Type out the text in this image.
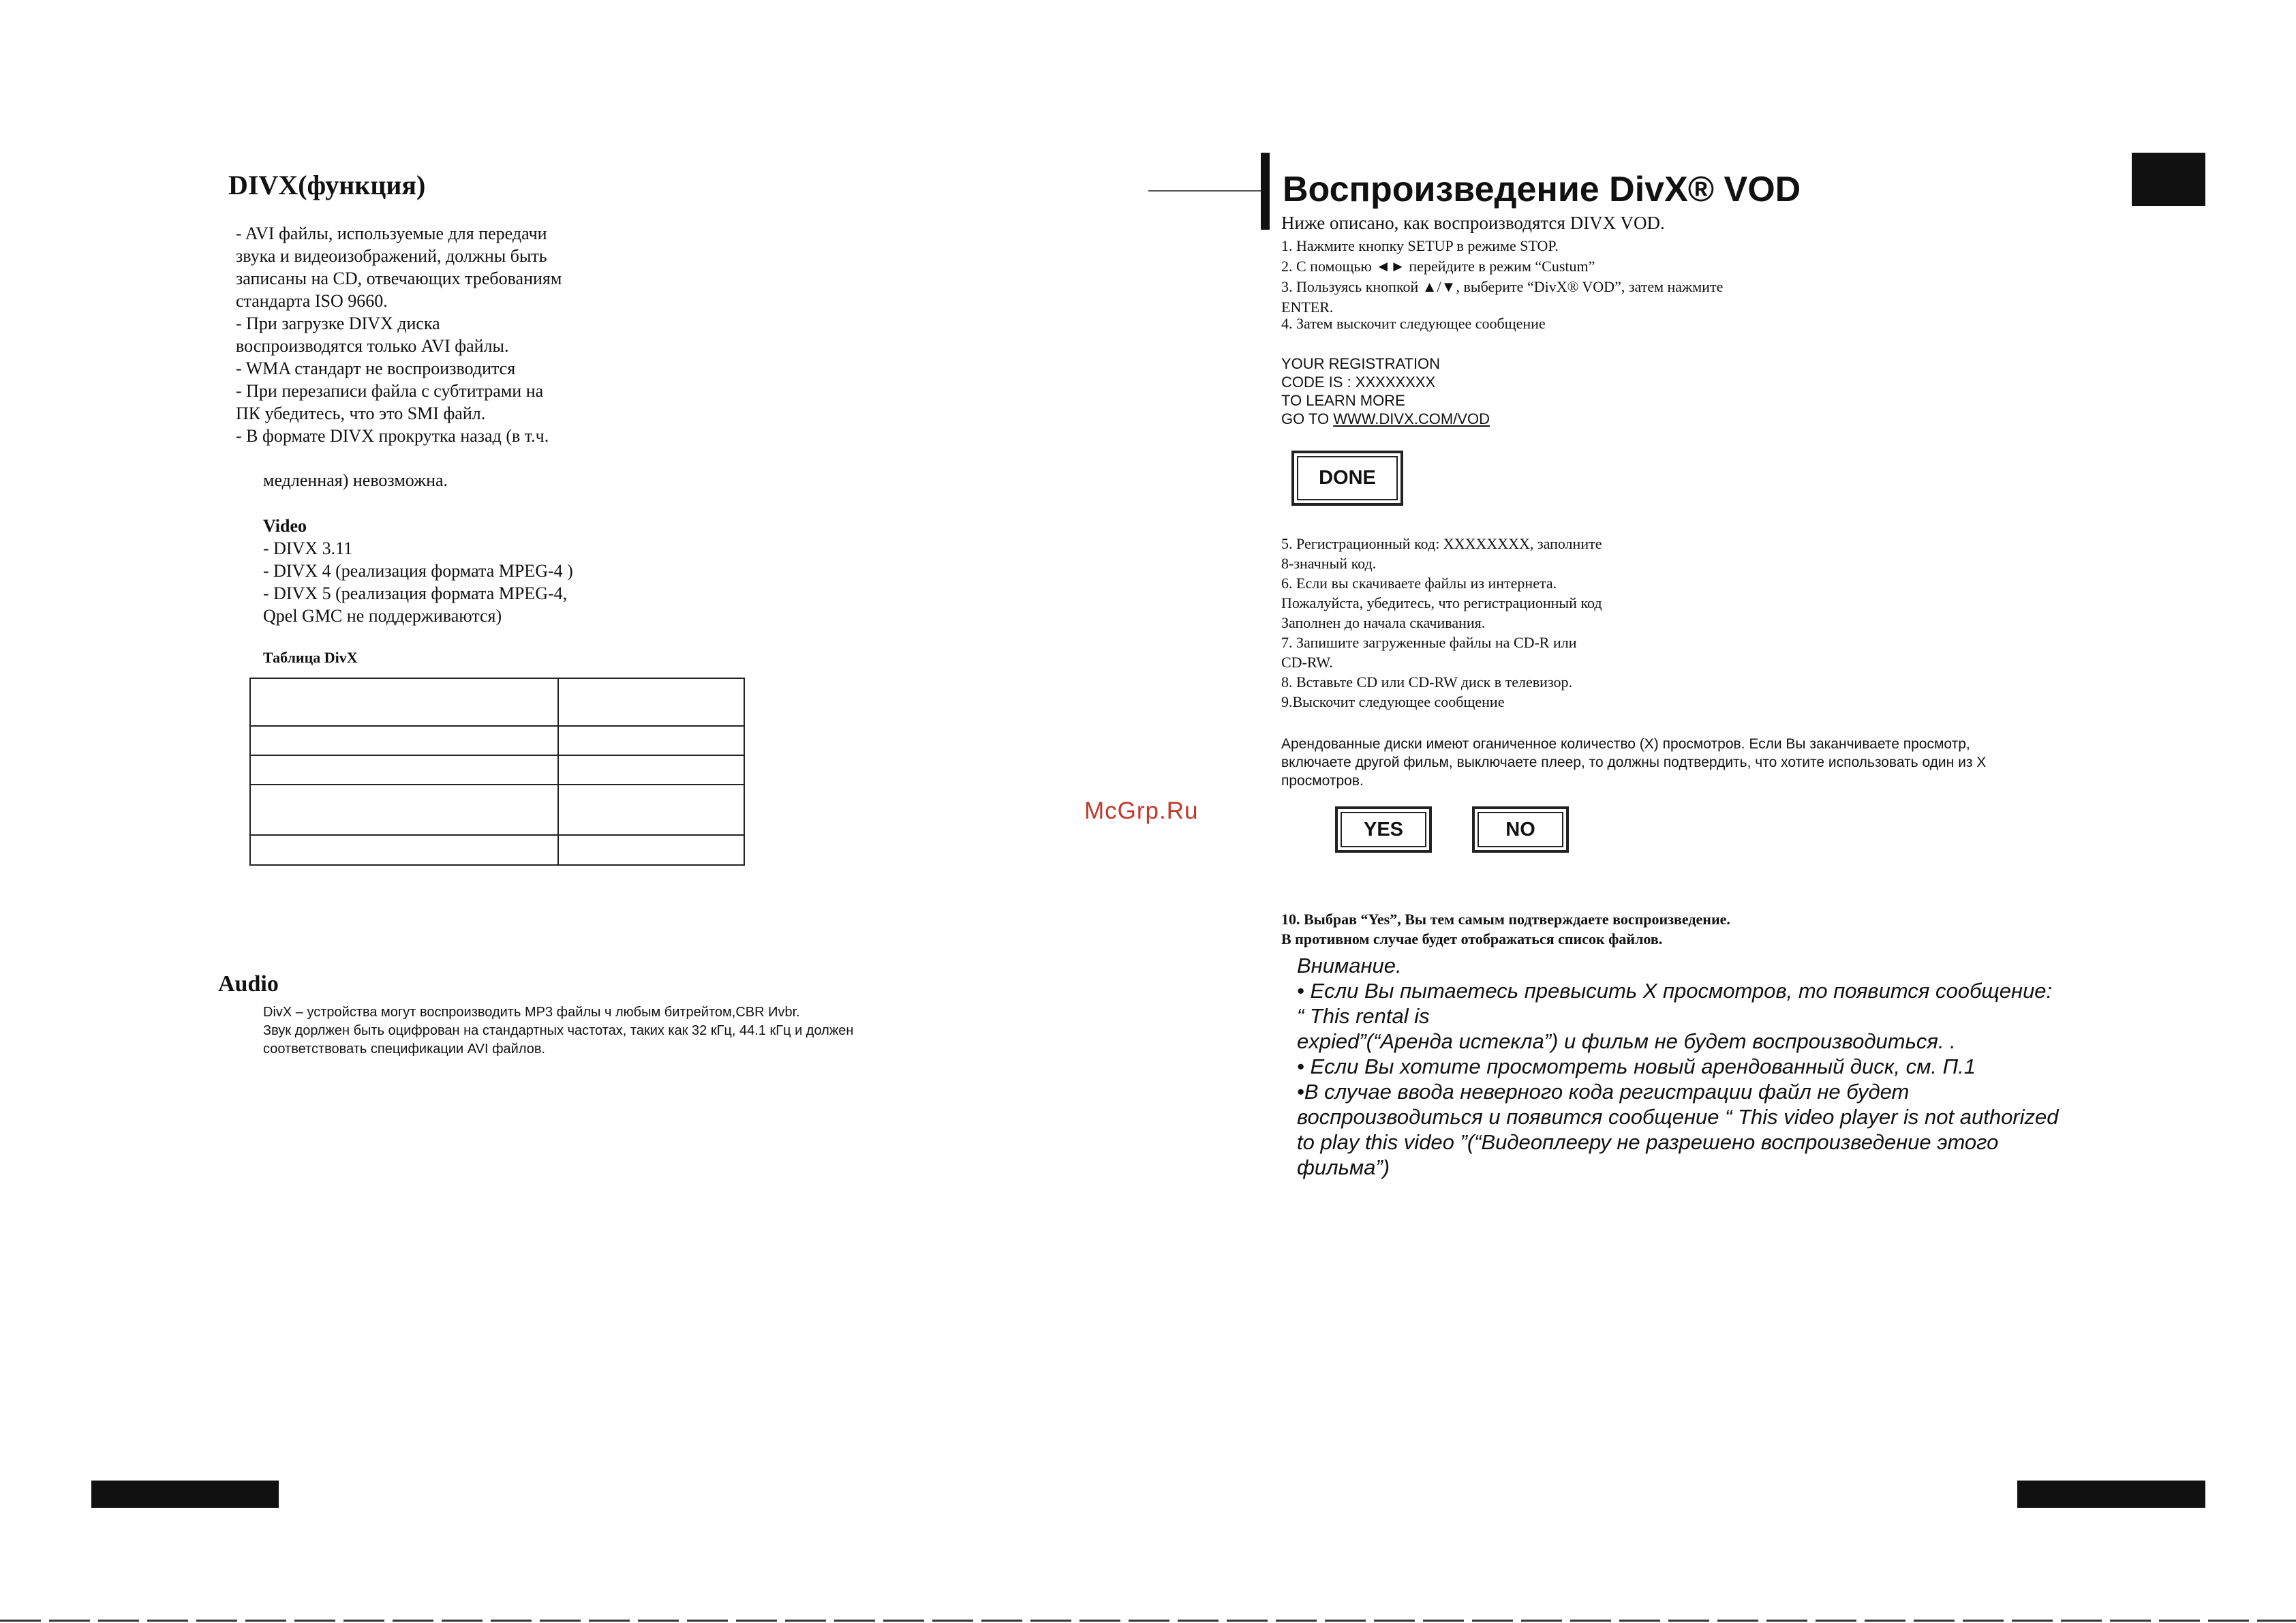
DIVX(функция)
- AVI файлы, используемые для передачи
звука и видеоизображений, должны быть
записаны на CD, отвечающих требованиям
стандарта ISO 9660.
- При загрузке DIVX диска
воспроизводятся только AVI файлы.
- WMA стандарт не воспроизводится
- При перезаписи файла с субтитрами на
ПК убедитесь, что это SMI файл.
- В формате DIVX прокрутка назад (в т.ч.
медленная) невозможна.
Video
- DIVX 3.11
- DIVX 4 (реализация формата MPEG-4 )
- DIVX 5 (реализация формата MPEG-4,
Qpel GMC не поддерживаются)
Таблица DivX

Audio
DivX – устройства могут воспроизводить MP3 файлы ч любым битрейтом,CBR Иvbr.
Звук дорлжен быть оцифрован на стандартных частотах, таких как 32 кГц, 44.1 кГц и должен
соответствовать спецификации AVI файлов.
Воспроизведение DivX® VOD
Ниже описано, как воспроизводятся DIVX VOD.
1. Нажмите кнопку SETUP в режиме STOP.
2. С помощью ◄► перейдите в режим “Custum”
3. Пользуясь кнопкой ▲/▼, выберите “DivX® VOD”, затем нажмите
ENTER.
4. Затем выскочит следующее сообщение
YOUR REGISTRATION
CODE IS : XXXXXXXX
TO LEARN MORE
GO TO WWW.DIVX.COM/VOD
DONE
5. Регистрационный код: XXXXXXXX, заполните
8-значный код.
6. Если вы скачиваете файлы из интернета.
Пожалуйста, убедитесь, что регистрационный код
Заполнен до начала скачивания.
7. Запишите загруженные файлы на CD-R или
CD-RW.
8. Вставьте CD или CD-RW диск в телевизор.
9.Выскочит следующее сообщение
Арендованные диски имеют оганиченное количество (X) просмотров. Если Вы заканчиваете просмотр,
включаете другой фильм, выключаете плеер, то должны подтвердить, что хотите использовать один из X
просмотров.
YES	NO
10. Выбрав “Yes”, Вы тем самым подтверждаете воспроизведение.
В противном случае будет отображаться список файлов.
Внимание.
• Если Вы пытаетесь превысить X просмотров, то появится сообщение:
“ This rental is
expied”(“Аренда истекла”) и фильм не будет воспроизводиться. .
• Если Вы хотите просмотреть новый арендованный диск, см. П.1
•В случае ввода неверного кода регистрации файл не будет
воспроизводиться и появится сообщение “ This video player is not authorized
to play this video ”(“Видеоплееру не разрешено воспроизведение этого
фильма”)
McGrp.Ru
